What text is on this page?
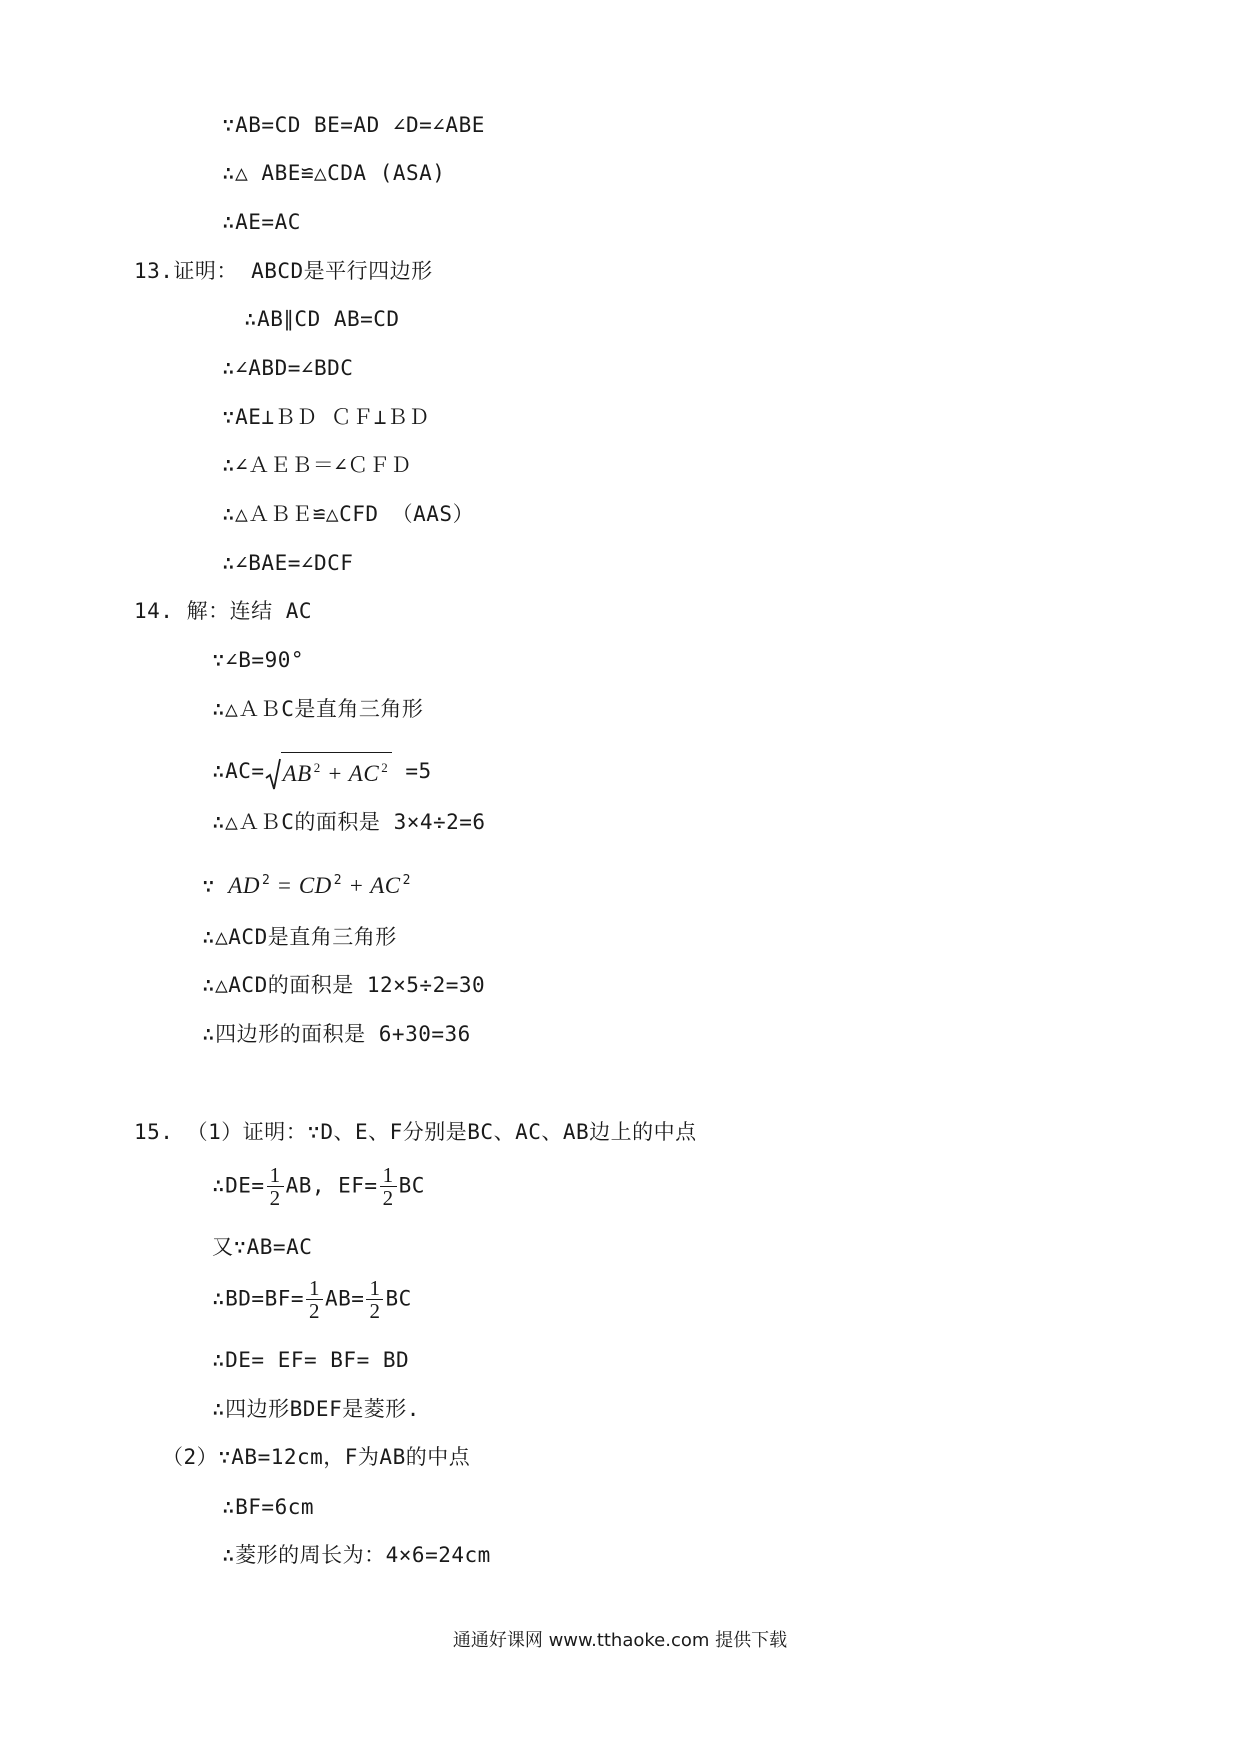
∵AB=CD BE=AD ∠D=∠ABE
∴△ ABE≌△CDA (ASA)
∴AE=AC
13.证明： ABCD是平行四边形
∴AB∥CD AB=CD
∴∠ABD=∠BDC
∵AE⊥ＢＤ ＣＦ⊥ＢＤ
∴∠ＡＥＢ＝∠ＣＦＤ
∴△ＡＢＥ≌△CFD （AAS）
∴∠BAE=∠DCF
14. 解：连结 AC
∵∠B=90°
∴△ＡＢC是直角三角形
∴AC= AB $^2$ + AC $^2$ =5
∴△ＡＢC的面积是 3×4÷2=6
∵ AD $^2$ = CD $^2$ + AC $^2$
∴△ACD是直角三角形
∴△ACD的面积是 12×5÷2=30
∴四边形的面积是 6+30=36
15. （1）证明：∵D、E、F分别是BC、AC、AB边上的中点
∴DE= $\frac{1}{2}$ AB, $EF= \frac{1}{2}$ BC
又∵AB=AC
∴BD=BF= $\frac{1}{2} AB= \frac{1}{2}$ BC
∴DE= EF= BF= BD
∴四边形BDEF是菱形.
（2）∵AB=12cm，F为AB的中点
∴BF=6cm
∴菱形的周长为：4×6=24cm
通通好课网 www.tthaoke.com 提供下载
